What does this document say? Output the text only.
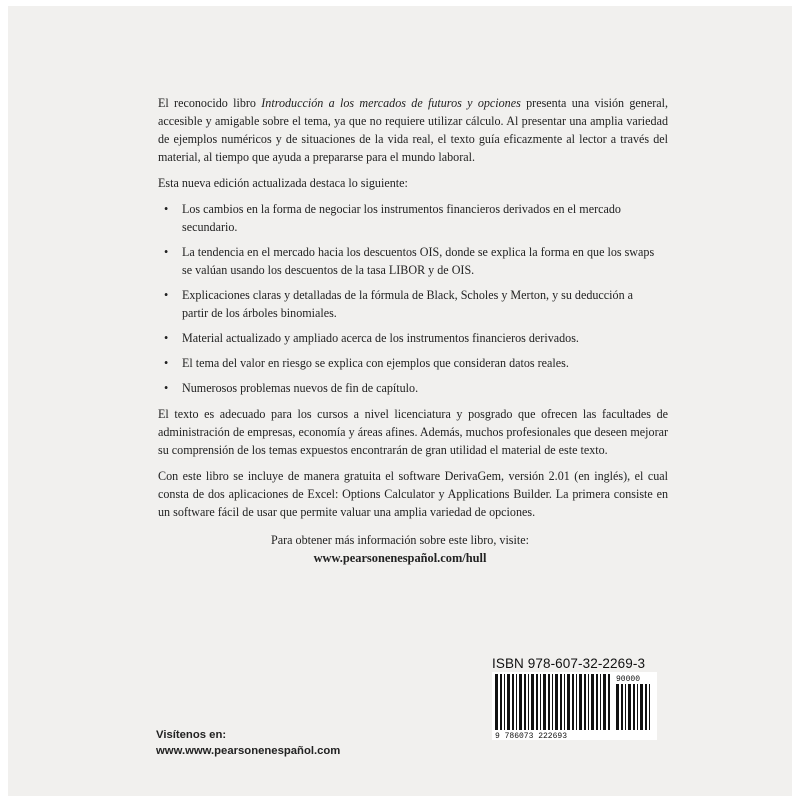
El reconocido libro Introducción a los mercados de futuros y opciones presenta una visión general, accesible y amigable sobre el tema, ya que no requiere utilizar cálculo. Al presentar una amplia variedad de ejemplos numéricos y de situaciones de la vida real, el texto guía eficazmente al lector a través del material, al tiempo que ayuda a prepararse para el mundo laboral.

Esta nueva edición actualizada destaca lo siguiente:

• Los cambios en la forma de negociar los instrumentos financieros derivados en el mercado secundario.
• La tendencia en el mercado hacia los descuentos OIS, donde se explica la forma en que los swaps se valúan usando los descuentos de la tasa LIBOR y de OIS.
• Explicaciones claras y detalladas de la fórmula de Black, Scholes y Merton, y su deducción a partir de los árboles binomiales.
• Material actualizado y ampliado acerca de los instrumentos financieros derivados.
• El tema del valor en riesgo se explica con ejemplos que consideran datos reales.
• Numerosos problemas nuevos de fin de capítulo.

El texto es adecuado para los cursos a nivel licenciatura y posgrado que ofrecen las facultades de administración de empresas, economía y áreas afines. Además, muchos profesionales que deseen mejorar su comprensión de los temas expuestos encontrarán de gran utilidad el material de este texto.

Con este libro se incluye de manera gratuita el software DerivaGem, versión 2.01 (en inglés), el cual consta de dos aplicaciones de Excel: Options Calculator y Applications Builder. La primera consiste en un software fácil de usar que permite valuar una amplia variedad de opciones.

Para obtener más información sobre este libro, visite:
www.pearsonenespañol.com/hull
ISBN 978-607-32-2269-3
9 786073 222693
90000
Visítenos en:
www.www.pearsonenespañol.com
